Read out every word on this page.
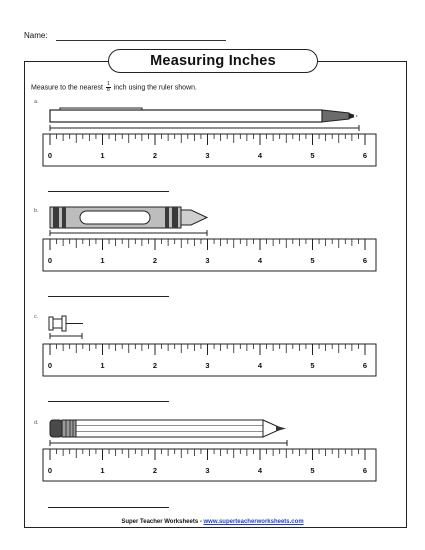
Name:
Measuring Inches
Measure to the nearest $\frac{1}{8}$ inch using the ruler shown.
a.
b.
c.
d.
0	1	2	3	4	5	6
0	1	2	3	4	5	6
0	1	2	3	4	5	6
0	1	2	3	4	5	6
Super Teacher Worksheets - www.superteacherworksheets.com
